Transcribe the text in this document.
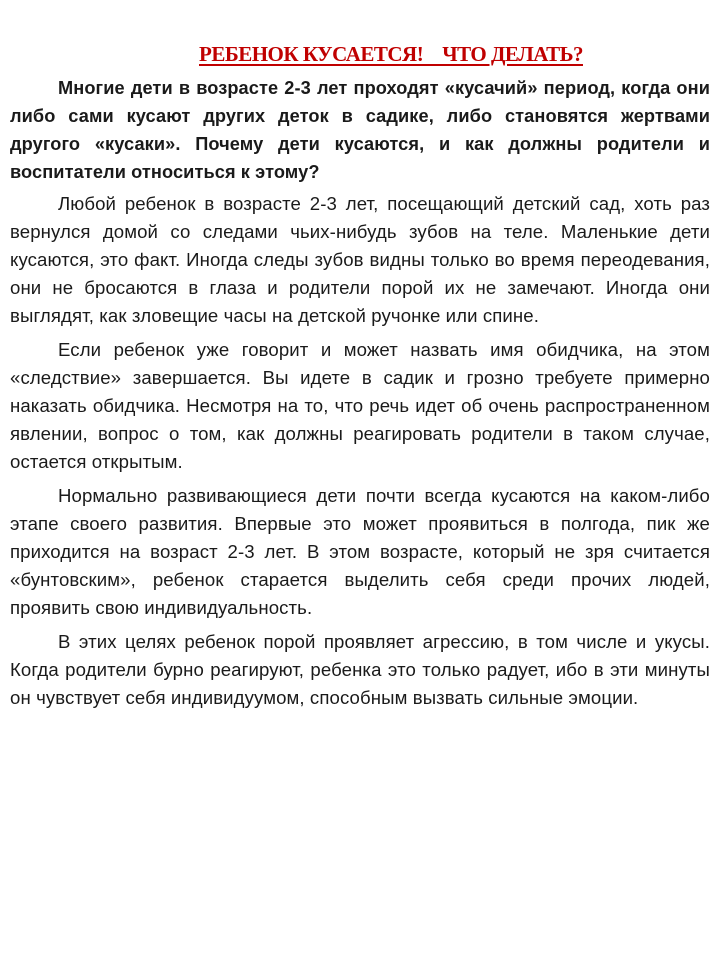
РЕБЕНОК КУСАЕТСЯ!    ЧТО ДЕЛАТЬ?

Многие дети в возрасте 2-3 лет проходят «кусачий» период, когда они либо сами кусают других деток в садике, либо становятся жертвами другого «кусаки». Почему дети кусаются, и как должны родители и воспитатели относиться к этому?

Любой ребенок в возрасте 2-3 лет, посещающий детский сад, хоть раз вернулся домой со следами чьих-нибудь зубов на теле. Маленькие дети кусаются, это факт. Иногда следы зубов видны только во время переодевания, они не бросаются в глаза и родители порой их не замечают. Иногда они выглядят, как зловещие часы на детской ручонке или спине.

Если ребенок уже говорит и может назвать имя обидчика, на этом «следствие» завершается. Вы идете в садик и грозно требуете примерно наказать обидчика. Несмотря на то, что речь идет об очень распространенном явлении, вопрос о том, как должны реагировать родители в таком случае, остается открытым.

Нормально развивающиеся дети почти всегда кусаются на каком-либо этапе своего развития. Впервые это может проявиться в полгода, пик же приходится на возраст 2-3 лет. В этом возрасте, который не зря считается «бунтовским», ребенок старается выделить себя среди прочих людей, проявить свою индивидуальность.

В этих целях ребенок порой проявляет агрессию, в том числе и укусы. Когда родители бурно реагируют, ребенка это только радует, ибо в эти минуты он чувствует себя индивидуумом, способным вызвать сильные эмоции.
